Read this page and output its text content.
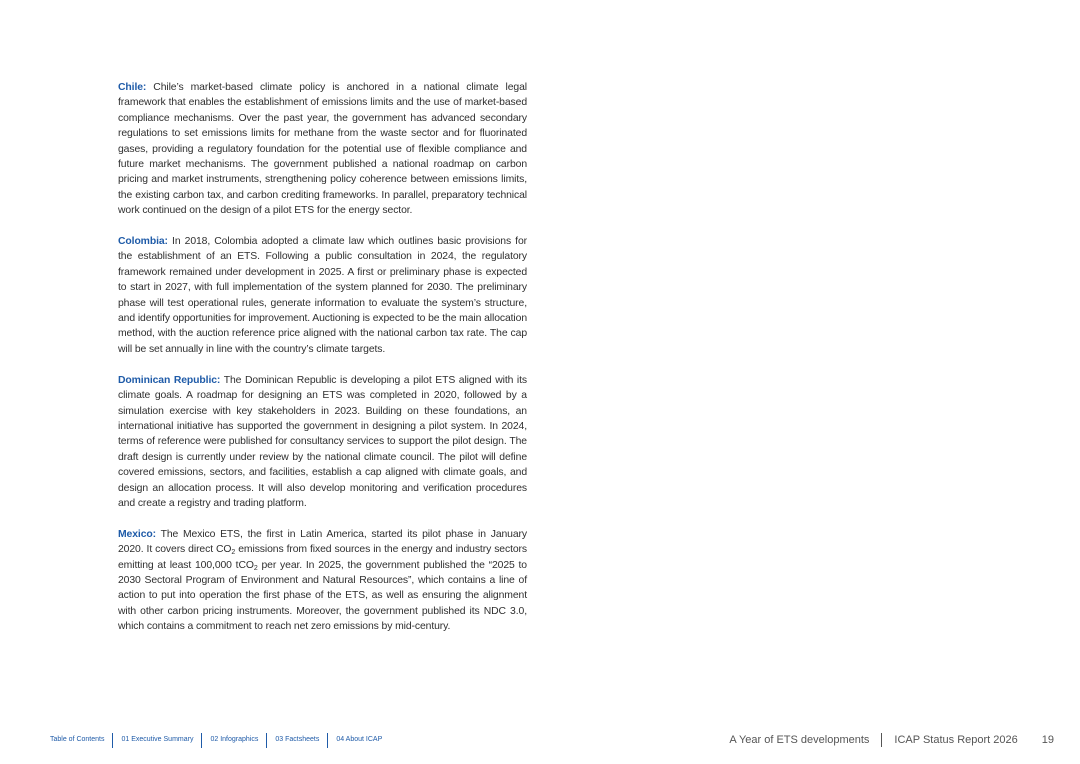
Chile: Chile’s market-based climate policy is anchored in a national climate legal framework that enables the establishment of emissions limits and the use of market-based compliance mechanisms. Over the past year, the government has advanced secondary regulations to set emissions limits for methane from the waste sector and for fluorinated gases, providing a regulatory foundation for the potential use of flexible compliance and future market mechanisms. The government published a national roadmap on carbon pricing and market instruments, strengthening policy coherence between emissions limits, the existing carbon tax, and carbon crediting frameworks. In parallel, preparatory technical work continued on the design of a pilot ETS for the energy sector.

Colombia: In 2018, Colombia adopted a climate law which outlines basic provisions for the establishment of an ETS. Following a public consultation in 2024, the regulatory framework remained under development in 2025. A first or preliminary phase is expected to start in 2027, with full implementation of the system planned for 2030. The preliminary phase will test operational rules, generate information to evaluate the system’s structure, and identify opportunities for improvement. Auctioning is expected to be the main allocation method, with the auction reference price aligned with the national carbon tax rate. The cap will be set annually in line with the country’s climate targets.

Dominican Republic: The Dominican Republic is developing a pilot ETS aligned with its climate goals. A roadmap for designing an ETS was completed in 2020, followed by a simulation exercise with key stakeholders in 2023. Building on these foundations, an international initiative has supported the government in designing a pilot system. In 2024, terms of reference were published for consultancy services to support the pilot design. The draft design is currently under review by the national climate council. The pilot will define covered emissions, sectors, and facilities, establish a cap aligned with climate goals, and design an allocation process. It will also develop monitoring and verification procedures and create a registry and trading platform.

Mexico: The Mexico ETS, the first in Latin America, started its pilot phase in January 2020. It covers direct $CO_2$ emissions from fixed sources in the energy and industry sectors emitting at least 100,000 tCO$_2$ per year. In 2025, the government published the “2025 to 2030 Sectoral Program of Environment and Natural Resources”, which contains a line of action to put into operation the first phase of the ETS, as well as ensuring the alignment with other carbon pricing instruments. Moreover, the government published its NDC 3.0, which contains a commitment to reach net zero emissions by mid-century.

Table of Contents	01 Executive Summary	02 Infographics	03 Factsheets	04 About ICAP	A Year of ETS developments ICAP Status Report 2026 19
